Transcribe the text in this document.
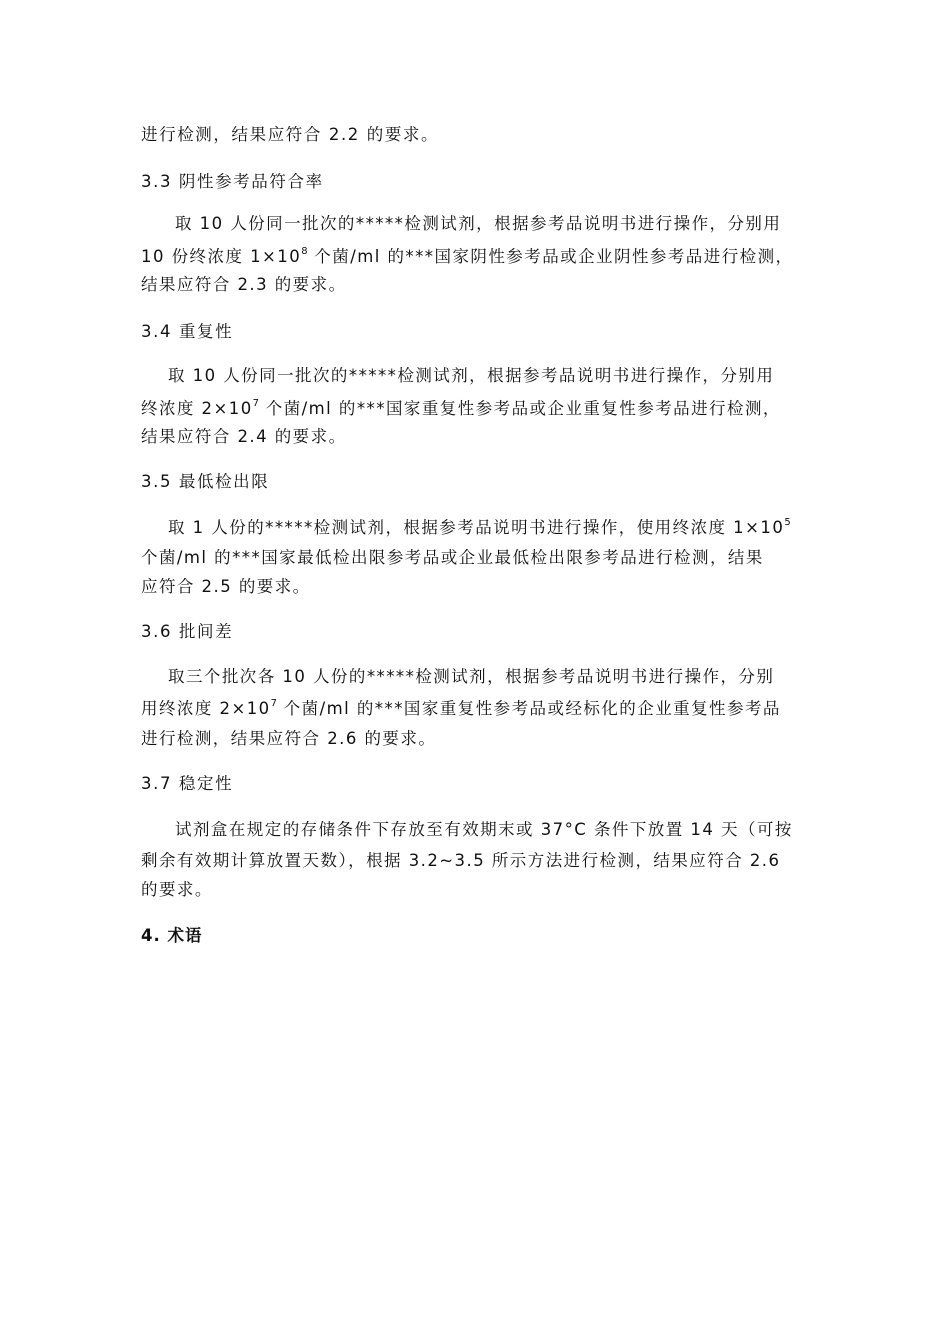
进行检测，结果应符合 2.2 的要求。
3.3 阴性参考品符合率
取 10 人份同一批次的*****检测试剂，根据参考品说明书进行操作，分别用
10 份终浓度 $1\times 10^8$ 个菌/ml 的***国家阴性参考品或企业阴性参考品进行检测，
结果应符合 2.3 的要求。
3.4 重复性
取 10 人份同一批次的*****检测试剂，根据参考品说明书进行操作，分别用
终浓度 $2\times 10^7$ 个菌/ml 的***国家重复性参考品或企业重复性参考品进行检测，
结果应符合 2.4 的要求。
3.5 最低检出限
取 1 人份的*****检测试剂，根据参考品说明书进行操作，使用终浓度 $1\times 10^5$
个菌/ml 的***国家最低检出限参考品或企业最低检出限参考品进行检测，结果
应符合 2.5 的要求。
3.6 批间差
取三个批次各 10 人份的*****检测试剂，根据参考品说明书进行操作，分别
用终浓度 $2\times 10^7$ 个菌/ml 的***国家重复性参考品或经标化的企业重复性参考品
进行检测，结果应符合 2.6 的要求。
3.7 稳定性
试剂盒在规定的存储条件下存放至有效期末或 37°C 条件下放置 14 天（可按
剩余有效期计算放置天数），根据 3.2~3.5 所示方法进行检测，结果应符合 2.6
的要求。
4. 术语
